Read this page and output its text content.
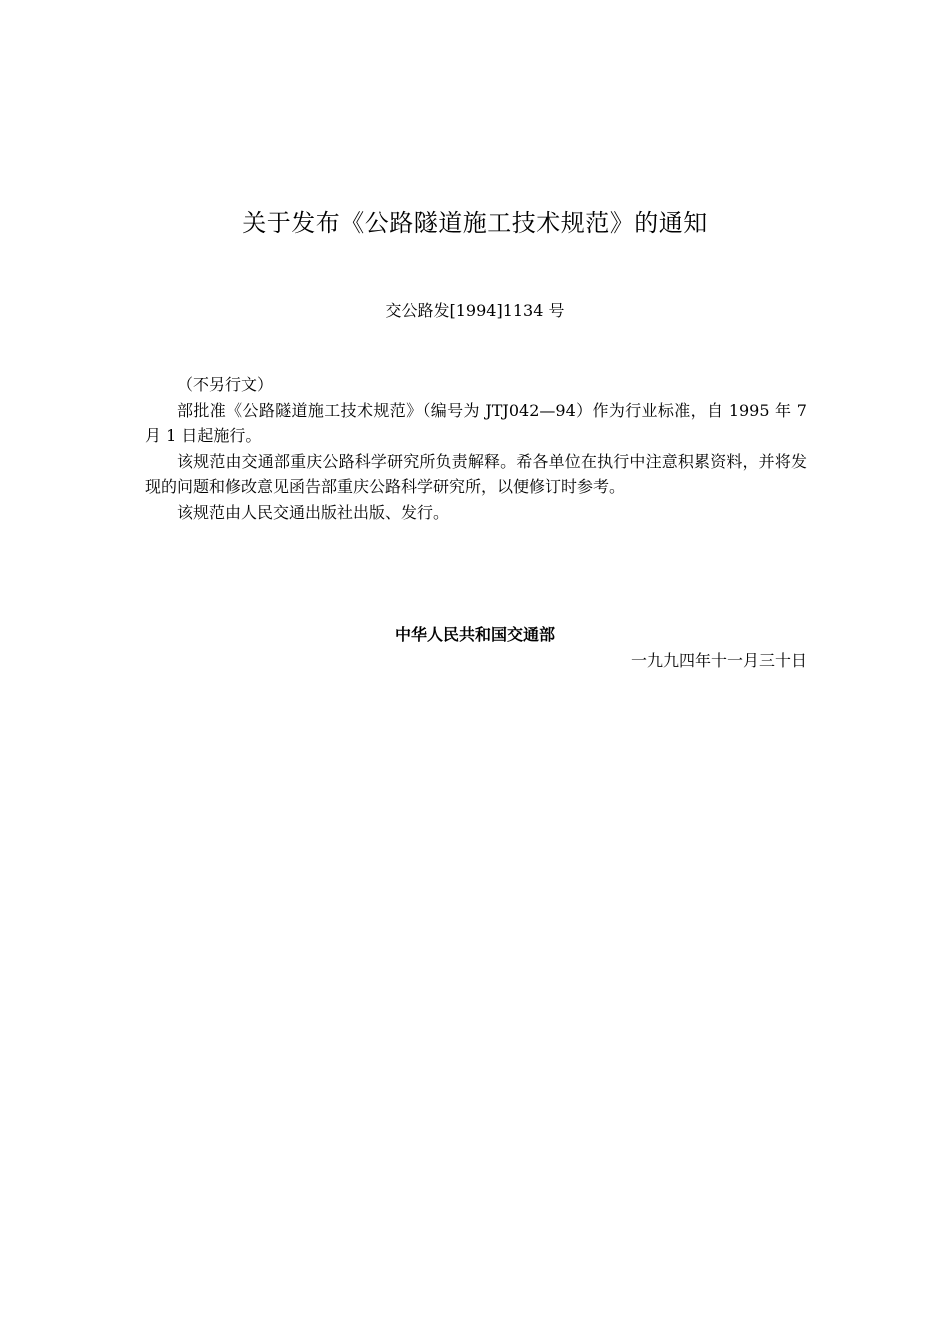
关于发布《公路隧道施工技术规范》的通知
交公路发[1994]1134 号

（不另行文）

部批准《公路隧道施工技术规范》（编号为 JTJ042—94）作为行业标准，自 1995 年 7 月 1 日起施行。

该规范由交通部重庆公路科学研究所负责解释。希各单位在执行中注意积累资料，并将发现的问题和修改意见函告部重庆公路科学研究所，以便修订时参考。

该规范由人民交通出版社出版、发行。

中华人民共和国交通部
一九九四年十一月三十日
